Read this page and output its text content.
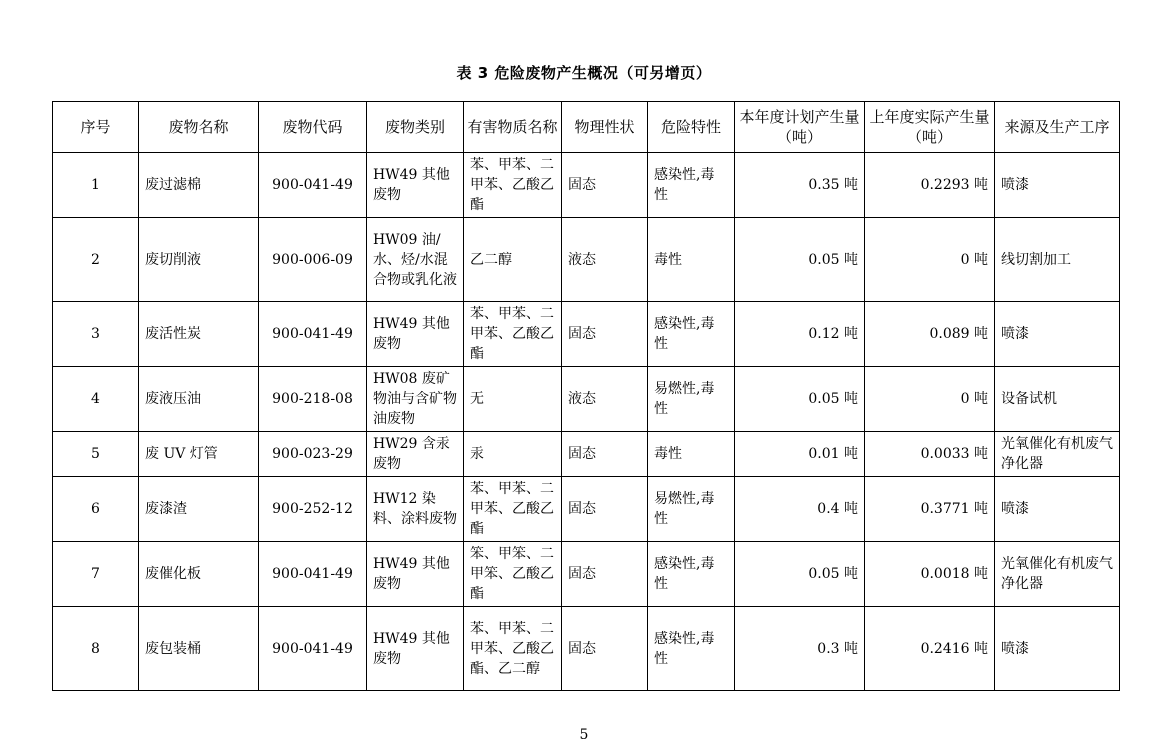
表 3 危险废物产生概况（可另增页）
序号	废物名称	废物代码	废物类别	有害物质名称	物理性状	危险特性	本年度计划产生量（吨）	上年度实际产生量（吨）	来源及生产工序
1	废过滤棉	900-041-49	HW49 其他废物	苯、甲苯、二甲苯、乙酸乙酯	固态	感染性,毒性	0.35 吨	0.2293 吨	喷漆
2	废切削液	900-006-09	HW09 油/水、烃/水混合物或乳化液	乙二醇	液态	毒性	0.05 吨	0 吨	线切割加工
3	废活性炭	900-041-49	HW49 其他废物	苯、甲苯、二甲苯、乙酸乙酯	固态	感染性,毒性	0.12 吨	0.089 吨	喷漆
4	废液压油	900-218-08	HW08 废矿物油与含矿物油废物	无	液态	易燃性,毒性	0.05 吨	0 吨	设备试机
5	废 UV 灯管	900-023-29	HW29 含汞废物	汞	固态	毒性	0.01 吨	0.0033 吨	光氧催化有机废气净化器
6	废漆渣	900-252-12	HW12 染料、涂料废物	苯、甲苯、二甲苯、乙酸乙酯	固态	易燃性,毒性	0.4 吨	0.3771 吨	喷漆
7	废催化板	900-041-49	HW49 其他废物	笨、甲笨、二甲笨、乙酸乙酯	固态	感染性,毒性	0.05 吨	0.0018 吨	光氧催化有机废气净化器
8	废包装桶	900-041-49	HW49 其他废物	苯、甲苯、二甲苯、乙酸乙酯、乙二醇	固态	感染性,毒性	0.3 吨	0.2416 吨	喷漆
5
